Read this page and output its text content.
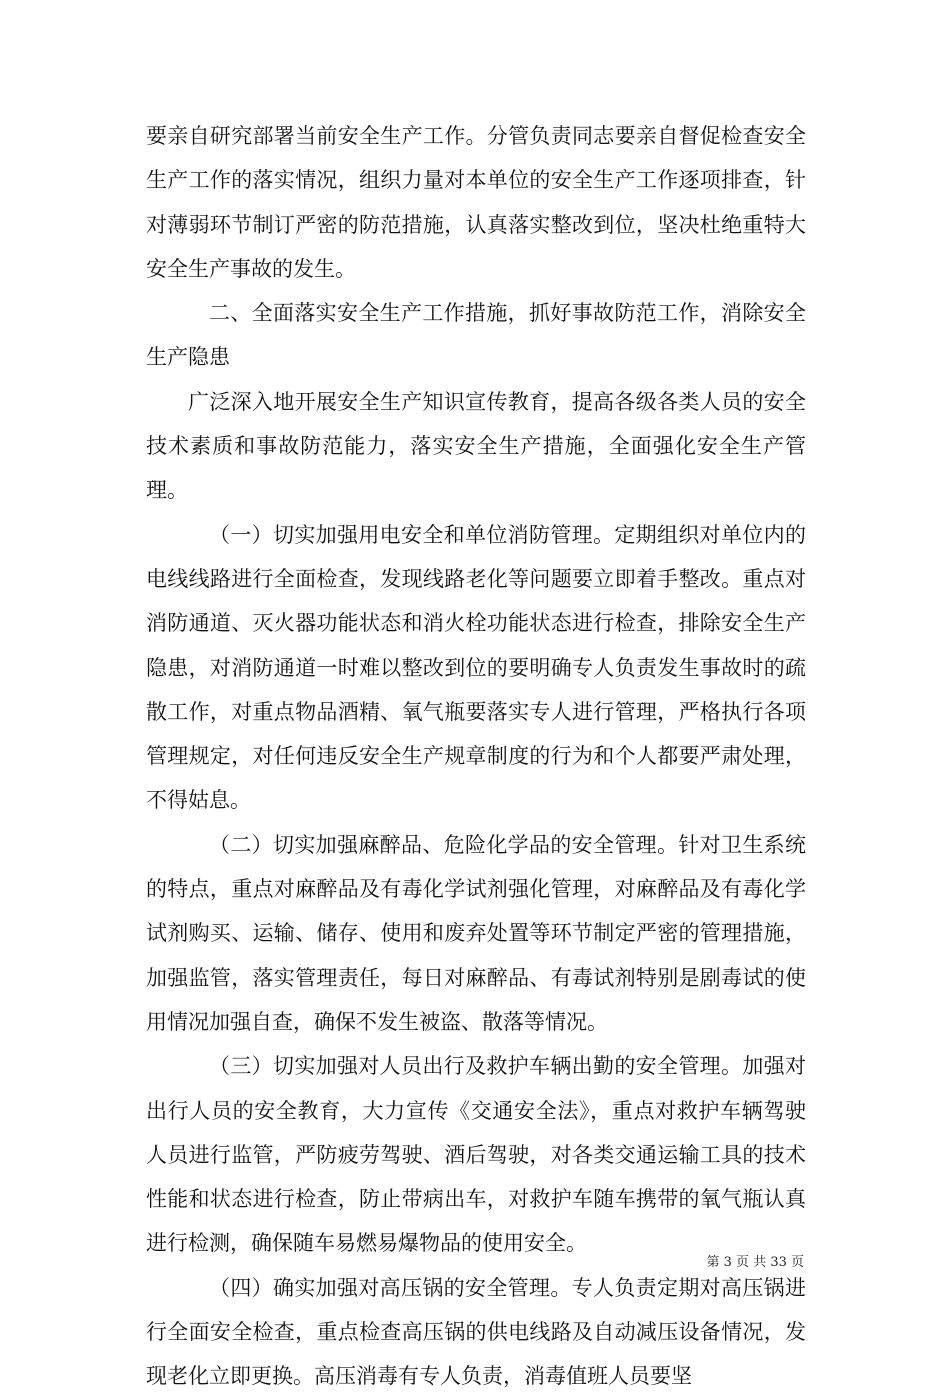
要亲自研究部署当前安全生产工作。分管负责同志要亲自督促检查安全生产工作的落实情况，组织力量对本单位的安全生产工作逐项排查，针对薄弱环节制订严密的防范措施，认真落实整改到位，坚决杜绝重特大安全生产事故的发生。

二、全面落实安全生产工作措施，抓好事故防范工作，消除安全生产隐患

广泛深入地开展安全生产知识宣传教育，提高各级各类人员的安全技术素质和事故防范能力，落实安全生产措施，全面强化安全生产管理。

（一）切实加强用电安全和单位消防管理。定期组织对单位内的电线线路进行全面检查，发现线路老化等问题要立即着手整改。重点对消防通道、灭火器功能状态和消火栓功能状态进行检查，排除安全生产隐患，对消防通道一时难以整改到位的要明确专人负责发生事故时的疏散工作，对重点物品酒精、氧气瓶要落实专人进行管理，严格执行各项管理规定，对任何违反安全生产规章制度的行为和个人都要严肃处理，不得姑息。

（二）切实加强麻醉品、危险化学品的安全管理。针对卫生系统的特点，重点对麻醉品及有毒化学试剂强化管理，对麻醉品及有毒化学试剂购买、运输、储存、使用和废弃处置等环节制定严密的管理措施，加强监管，落实管理责任，每日对麻醉品、有毒试剂特别是剧毒试的使用情况加强自查，确保不发生被盗、散落等情况。

（三）切实加强对人员出行及救护车辆出勤的安全管理。加强对出行人员的安全教育，大力宣传《交通安全法》，重点对救护车辆驾驶人员进行监管，严防疲劳驾驶、酒后驾驶，对各类交通运输工具的技术性能和状态进行检查，防止带病出车，对救护车随车携带的氧气瓶认真进行检测，确保随车易燃易爆物品的使用安全。

（四）确实加强对高压锅的安全管理。专人负责定期对高压锅进行全面安全检查，重点检查高压锅的供电线路及自动减压设备情况，发现老化立即更换。高压消毒有专人负责，消毒值班人员要坚

第 3 页 共 33 页
